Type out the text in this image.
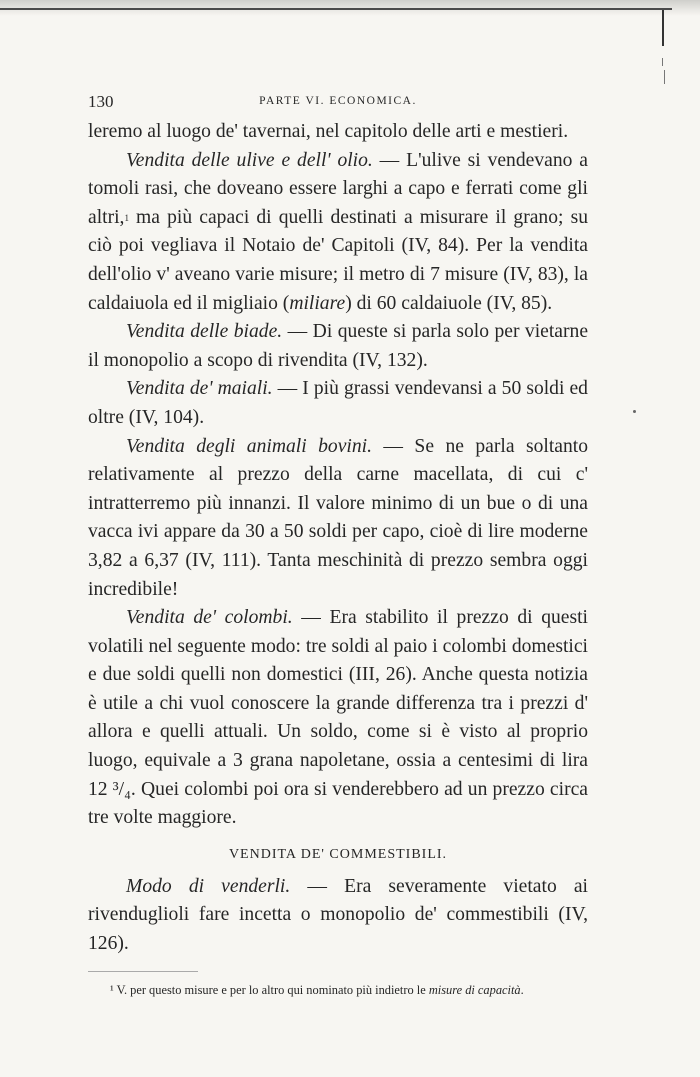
130	PARTE VI. ECONOMICA.

leremo al luogo de' tavernai, nel capitolo delle arti e mestieri.

Vendita delle ulive e dell' olio. — L'ulive si vendevano a tomoli rasi, che doveano essere larghi a capo e ferrati come gli altri,$^1$ ma più capaci di quelli destinati a misurare il grano; su ciò poi vegliava il Notaio de' Capitoli (IV, 84). Per la vendita dell'olio v' aveano varie misure; il metro di 7 misure (IV, 83), la caldaiuola ed il migliaio (miliare) di 60 caldaiuole (IV, 85).

Vendita delle biade. — Di queste si parla solo per vietarne il monopolio a scopo di rivendita (IV, 132).

Vendita de' maiali. — I più grassi vendevansi a 50 soldi ed oltre (IV, 104).

Vendita degli animali bovini. — Se ne parla soltanto relativamente al prezzo della carne macellata, di cui c' intratterremo più innanzi. Il valore minimo di un bue o di una vacca ivi appare da 30 a 50 soldi per capo, cioè di lire moderne 3,82 a 6,37 (IV, 111). Tanta meschinità di prezzo sembra oggi incredibile!

Vendita de' colombi. — Era stabilito il prezzo di questi volatili nel seguente modo: tre soldi al paio i colombi domestici e due soldi quelli non domestici (III, 26). Anche questa notizia è utile a chi vuol conoscere la grande differenza tra i prezzi d' allora e quelli attuali. Un soldo, come si è visto al proprio luogo, equivale a 3 grana napoletane, ossia a centesimi di lira 12 ³/₄. Quei colombi poi ora si venderebbero ad un prezzo circa tre volte maggiore.

VENDITA DE' COMMESTIBILI.

Modo di venderli. — Era severamente vietato ai rivenduglioli fare incetta o monopolio de' commestibili (IV, 126).

¹ V. per questo misure e per lo altro qui nominato più indietro le misure di capacità.
